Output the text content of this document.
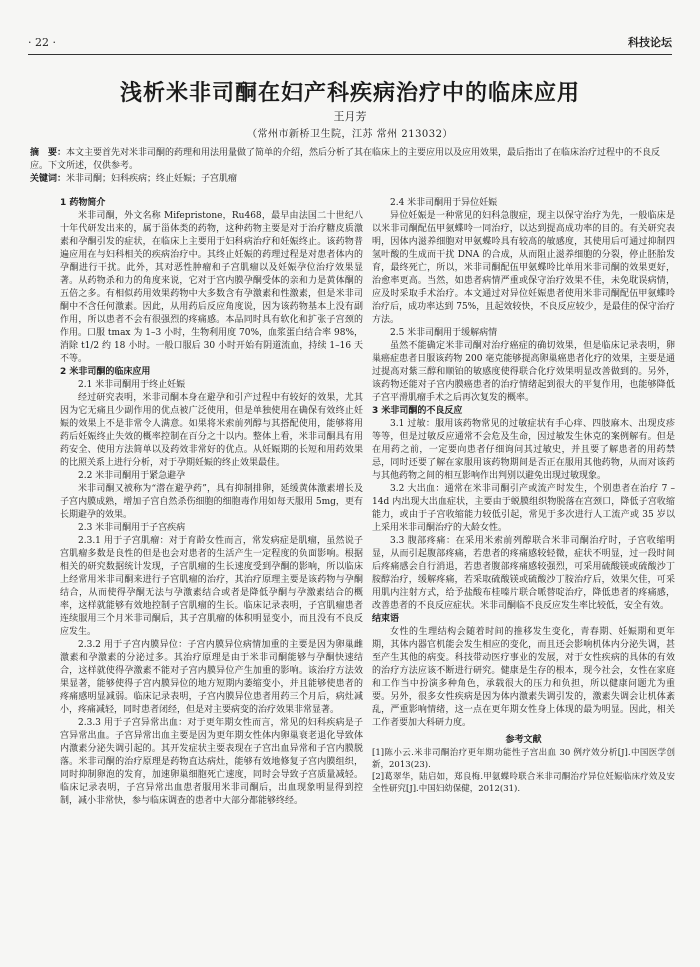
· 22 ·	科技论坛
浅析米非司酮在妇产科疾病治疗中的临床应用
王月芳
（常州市新桥卫生院，江苏 常州 213032）
摘　要：本文主要首先对米非司酮的药理和用法用量做了简单的介绍，然后分析了其在临床上的主要应用以及应用效果，最后指出了在临床治疗过程中的不良反应。下文所述，仅供参考。
关键词：米非司酮；妇科疾病；终止妊娠；子宫肌瘤

1 药物简介

米非司酮，外文名称 Mifepristone，Ru468，最早由法国二十世纪八十年代研发出来的，属于甾体类的药物，这种药物主要是对于治疗糖皮质激素和孕酮引发的症状，在临床上主要用于妇科病治疗和妊娠终止。该药物普遍应用在与妇科相关的疾病治疗中。其终止妊娠的药理过程是对患者体内的孕酮进行干扰。此外，其对恶性肿瘤和子宫肌瘤以及妊娠孕位治疗效果显著。从药物杀和力的角度来说，它对于宫内膜孕酮受体的亲和力是黄体酮的五倍之多。有相似药用效果药物中大多数含有孕激素和性激素，但是米非司酮中不含任何激素。因此，从用药后反应角度说，因为该药物基本上没有副作用，所以患者不会有很强烈的疼痛感。本品同时具有软化和扩张子宫颈的作用。口服 tmax 为 1–3 小时，生物利用度 70%，血浆蛋白结合率 98%，消除 t1/2 约 18 小时。一般口服后 30 小时开始有阴道流血，持续 1–16 天不等。

2 米非司酮的临床应用

2.1 米非司酮用于终止妊娠

经过研究表明，米非司酮本身在避孕和引产过程中有较好的效果，尤其因为它无痛且少副作用的优点被广泛使用，但是单独使用在确保有效终止妊娠的效果上不是非常令人满意。如果将米索前列醇与其搭配使用，能够将用药后妊娠终止失效的概率控制在百分之十以内。整体上看，米非司酮具有用药安全、使用方法简单以及药效非常好的优点。从妊娠期的长短和用药效果的比照关系上进行分析，对于孕期妊娠的终止效果最佳。

2.2 米非司酮用于紧急避孕

米非司酮又被称为“潜在避孕药”，具有抑制排卵，延缓黄体激素增长及子宫内膜成熟，增加子宫自然杀伤细胞的细胞毒作用如每天服用 5mg，更有长期避孕的效果。

2.3 米非司酮用于子宫疾病

2.3.1 用于子宫肌瘤：对于育龄女性而言，常发病症是肌瘤，虽然说子宫肌瘤多数是良性的但是也会对患者的生活产生一定程度的负面影响。根据相关的研究数据统计发现，子宫肌瘤的生长速度受到孕酮的影响，所以临床上经常用米非司酮来进行子宫肌瘤的治疗，其治疗原理主要是该药物与孕酮结合，从而使得孕酮无法与孕激素结合或者是降低孕酮与孕激素结合的概率，这样就能够有效地控制子宫肌瘤的生长。临床记录表明，子宫肌瘤患者连续服用三个月米非司酮后，其子宫肌瘤的体积明显变小，而且没有不良反应发生。

2.3.2 用于子宫内膜异位：子宫内膜异位病情加重的主要是因为卵巢雌激素和孕激素的分泌过多。其治疗原理是由于米非司酮能够与孕酮快速结合，这样就使得孕激素不能对子宫内膜异位产生加重的影响。该治疗方法效果显著，能够使得子宫内膜异位的地方短期内萎缩变小，并且能够使患者的疼痛感明显减弱。临床记录表明，子宫内膜异位患者用药三个月后，病灶减小，疼痛减轻，同时患者闭经，但是对主要病变的治疗效果非常显著。

2.3.3 用于子宫异常出血：对于更年期女性而言，常见的妇科疾病是子宫异常出血。子宫异常出血主要是因为更年期女性体内卵巢衰老退化导致体内激素分泌失调引起的。其开发症状主要表现在子宫出血异常和子宫内膜脱落。米非司酮的治疗原理是药物直达病灶，能够有效地修复子宫内膜组织，同时抑制卵泡的发育，加速卵巢细胞死亡速度，同时会导致子宫质量减轻。临床记录表明，子宫异常出血患者服用米非司酮后，出血现象明显得到控制，减小非常快，参与临床调查的患者中大部分都能够终经。

2.4 米非司酮用于异位妊娠

异位妊娠是一种常见的妇科急腹症，现主以保守治疗为先，一般临床是以米非司酮配伍甲氨蝶呤一同治疗，以达到提高成功率的目的。有关研究表明，因体内滋养细胞对甲氨蝶呤具有较高的敏感度，其使用后可通过抑制四氢叶酸的生成而干扰 DNA 的合成，从而阻止滋养细胞的分裂，停止胚胎发育，最终死亡，所以，米非司酮配伍甲氨蝶呤比单用米非司酮的效果更好，治愈率更高。当然，如患者病情严重或保守治疗效果不佳，未免耽误病情，应及时采取手术治疗。本文通过对异位妊娠患者使用米非司酮配伍甲氨蝶呤治疗后，成功率达到 75%，且起效较快，不良反应较少，是最佳的保守治疗方法。

2.5 米非司酮用于缓解病情

虽然不能确定米非司酮对治疗癌症的确切效果，但是临床记录表明，卵巢癌症患者日服该药物 200 毫克能够提高卵巢癌患者化疗的效果，主要是通过提高对紫三醇和顺铂的敏感度使得联合化疗效果明显改善做到的。另外，该药物还能对子宫内膜癌患者的治疗情绪起到很大的平复作用，也能够降低子宫平滑肌瘤手术之后再次复发的概率。

3 米非司酮的不良反应

3.1 过敏：服用该药物常见的过敏症状有手心痒、四肢麻木、出现皮疹等等，但是过敏反应通常不会危及生命，因过敏发生休克的案例解有。但是在用药之前，一定要向患者仔细询问其过敏史，并且要了解患者的用药禁忌，同时还要了解在家服用该药物期间是否正在服用其他药物，从而对该药与其他药物之间的相互影响作出判别以避免出现过敏现象。

3.2 大出血：通常在米非司酮引产或流产时发生，个别患者在治疗 7 – 14d 内出现大出血症状，主要由于蜕膜组织物脱落在宫颈口，降低子宫收缩能力，或由于子宫收缩能力较低引起，常见于多次进行人工流产或 35 岁以上采用米非司酮治疗的大龄女性。

3.3 腹部疼痛：在采用米索前列醇联合米非司酮治疗时，子宫收缩明显，从而引起腹部疼痛，若患者的疼痛感较轻微，症状不明显，过一段时间后疼痛感会自行消退，若患者腹部疼痛感较强烈，可采用硫酸镁或硫酸沙丁胺醇治疗，缓解疼痛，若采取硫酸镁或硫酸沙丁胺治疗后，效果欠佳，可采用肌内注射方式，给予盐酸布桂嗪片联合哌替啶治疗，降低患者的疼痛感，改善患者的不良反应症状。米非司酮临不良反应发生率比较低，安全有效。

结束语

女性的生理结构会随着时间的推移发生变化，青春期、妊娠期和更年期，其体内器官机能会发生相应的变化，而且还会影响机体内分泌失调，甚至产生其他的病变。科技带动医疗事业的发展，对于女性疾病的具体的有效的治疗方法应该不断进行研究。健康是生存的根本，现今社会，女性在家庭和工作当中扮演多种角色，承载很大的压力和负担，所以健康问题尤为重要。另外，很多女性疾病是因为体内激素失调引发的，激素失调会让机体紊乱，严重影响情绪，这一点在更年期女性身上体现的最为明显。因此，相关工作者要加大科研力度。

参考文献

[1]陈小云.米非司酮治疗更年期功能性子宫出血 30 例疗效分析[J].中国医学创新，2013(23).

[2]葛翠华，陆启如，郑良梅.甲氨蝶呤联合米非司酮治疗异位妊娠临床疗效及安全性研究[J].中国妇幼保健，2012(31).
